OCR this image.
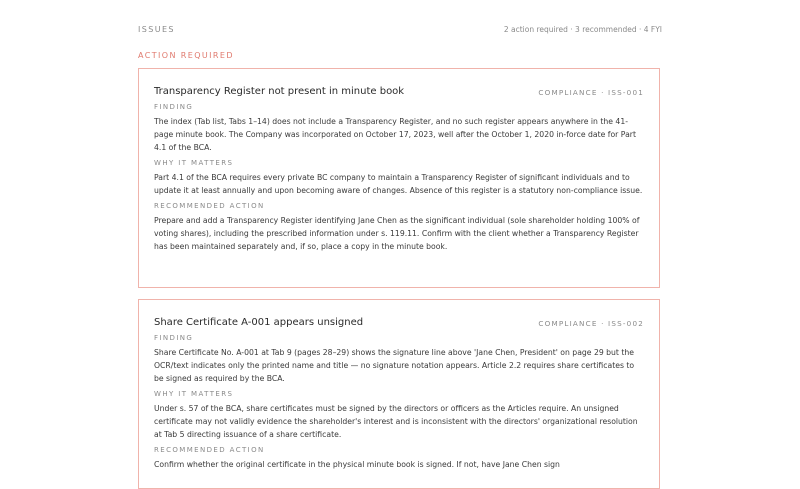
ISSUES	2 action required · 3 recommended · 4 FYI
ACTION REQUIRED
Transparency Register not present in minute book	COMPLIANCE · ISS-001
FINDING
The index (Tab list, Tabs 1–14) does not include a Transparency Register, and no such register appears anywhere in the 41-page minute book. The Company was incorporated on October 17, 2023, well after the October 1, 2020 in-force date for Part 4.1 of the BCA.
WHY IT MATTERS
Part 4.1 of the BCA requires every private BC company to maintain a Transparency Register of significant individuals and to update it at least annually and upon becoming aware of changes. Absence of this register is a statutory non-compliance issue.
RECOMMENDED ACTION
Prepare and add a Transparency Register identifying Jane Chen as the significant individual (sole shareholder holding 100% of voting shares), including the prescribed information under s. 119.11. Confirm with the client whether a Transparency Register has been maintained separately and, if so, place a copy in the minute book.
Share Certificate A-001 appears unsigned	COMPLIANCE · ISS-002
FINDING
Share Certificate No. A-001 at Tab 9 (pages 28–29) shows the signature line above 'Jane Chen, President' on page 29 but the OCR/text indicates only the printed name and title — no signature notation appears. Article 2.2 requires share certificates to be signed as required by the BCA.
WHY IT MATTERS
Under s. 57 of the BCA, share certificates must be signed by the directors or officers as the Articles require. An unsigned certificate may not validly evidence the shareholder's interest and is inconsistent with the directors' organizational resolution at Tab 5 directing issuance of a share certificate.
RECOMMENDED ACTION
Confirm whether the original certificate in the physical minute book is signed. If not, have Jane Chen sign
